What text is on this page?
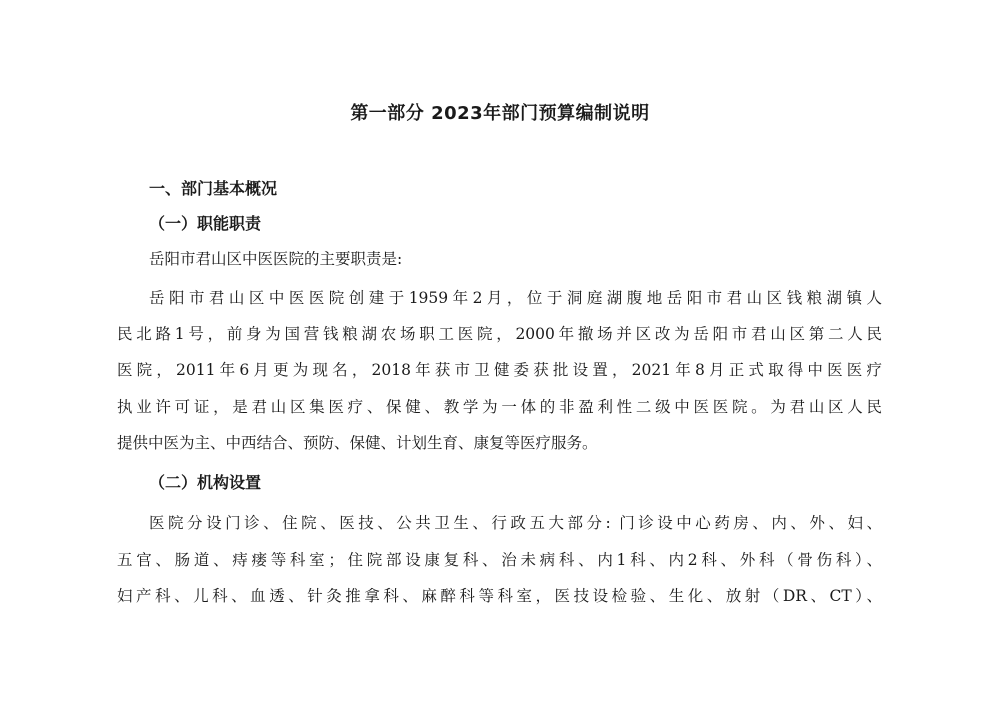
第一部分 2023年部门预算编制说明
一、部门基本概况
（一）职能职责
岳阳市君山区中医医院的主要职责是:
岳阳市君山区中医医院创建于1959年2月，位于洞庭湖腹地岳阳市君山区钱粮湖镇人
民北路1号，前身为国营钱粮湖农场职工医院，2000年撤场并区改为岳阳市君山区第二人民
医院，2011年6月更为现名，2018年获市卫健委获批设置，2021年8月正式取得中医医疗
执业许可证，是君山区集医疗、保健、教学为一体的非盈利性二级中医医院。为君山区人民
提供中医为主、中西结合、预防、保健、计划生育、康复等医疗服务。
（二）机构设置
医院分设门诊、住院、医技、公共卫生、行政五大部分: 门诊设中心药房、内、外、妇、
五官、肠道、痔瘘等科室；住院部设康复科、治未病科、内1科、内2科、外科（骨伤科）、
妇产科、儿科、血透、针灸推拿科、麻醉科等科室，医技设检验、生化、放射（DR、CT）、
